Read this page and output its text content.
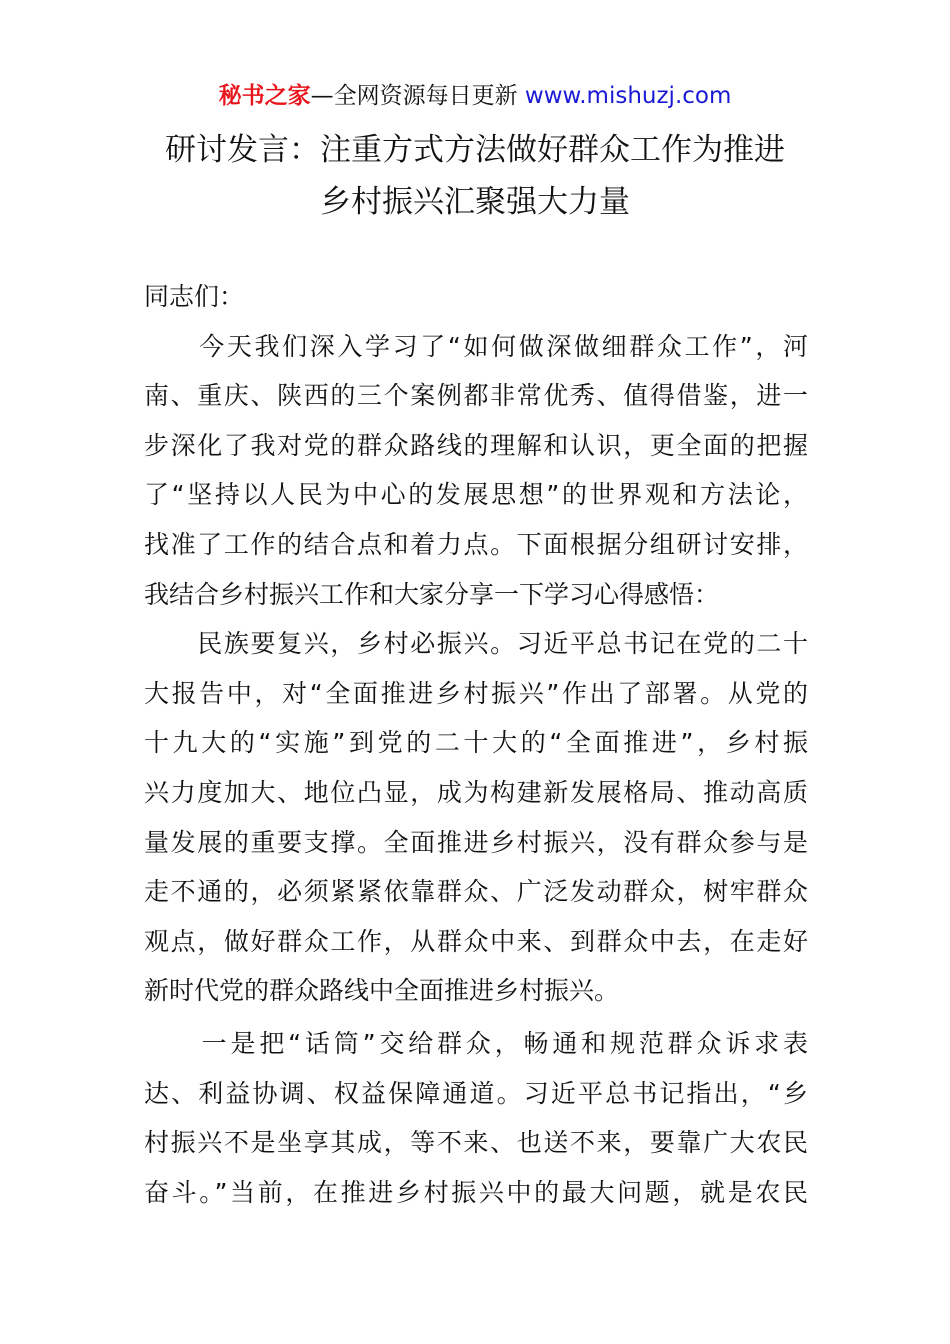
秘书之家—全网资源每日更新 www.mishuzj.com
研讨发言：注重方式方法做好群众工作为推进
乡村振兴汇聚强大力量
同志们：
　　今天我们深入学习了“如何做深做细群众工作”，河
南、重庆、陕西的三个案例都非常优秀、值得借鉴，进一
步深化了我对党的群众路线的理解和认识，更全面的把握
了“坚持以人民为中心的发展思想”的世界观和方法论，
找准了工作的结合点和着力点。下面根据分组研讨安排，
我结合乡村振兴工作和大家分享一下学习心得感悟：
　　民族要复兴，乡村必振兴。习近平总书记在党的二十
大报告中，对“全面推进乡村振兴”作出了部署。从党的
十九大的“实施”到党的二十大的“全面推进”，乡村振
兴力度加大、地位凸显，成为构建新发展格局、推动高质
量发展的重要支撑。全面推进乡村振兴，没有群众参与是
走不通的，必须紧紧依靠群众、广泛发动群众，树牢群众
观点，做好群众工作，从群众中来、到群众中去，在走好
新时代党的群众路线中全面推进乡村振兴。
　　一是把“话筒”交给群众，畅通和规范群众诉求表
达、利益协调、权益保障通道。习近平总书记指出，“乡
村振兴不是坐享其成，等不来、也送不来，要靠广大农民
奋斗。”当前，在推进乡村振兴中的最大问题，就是农民
